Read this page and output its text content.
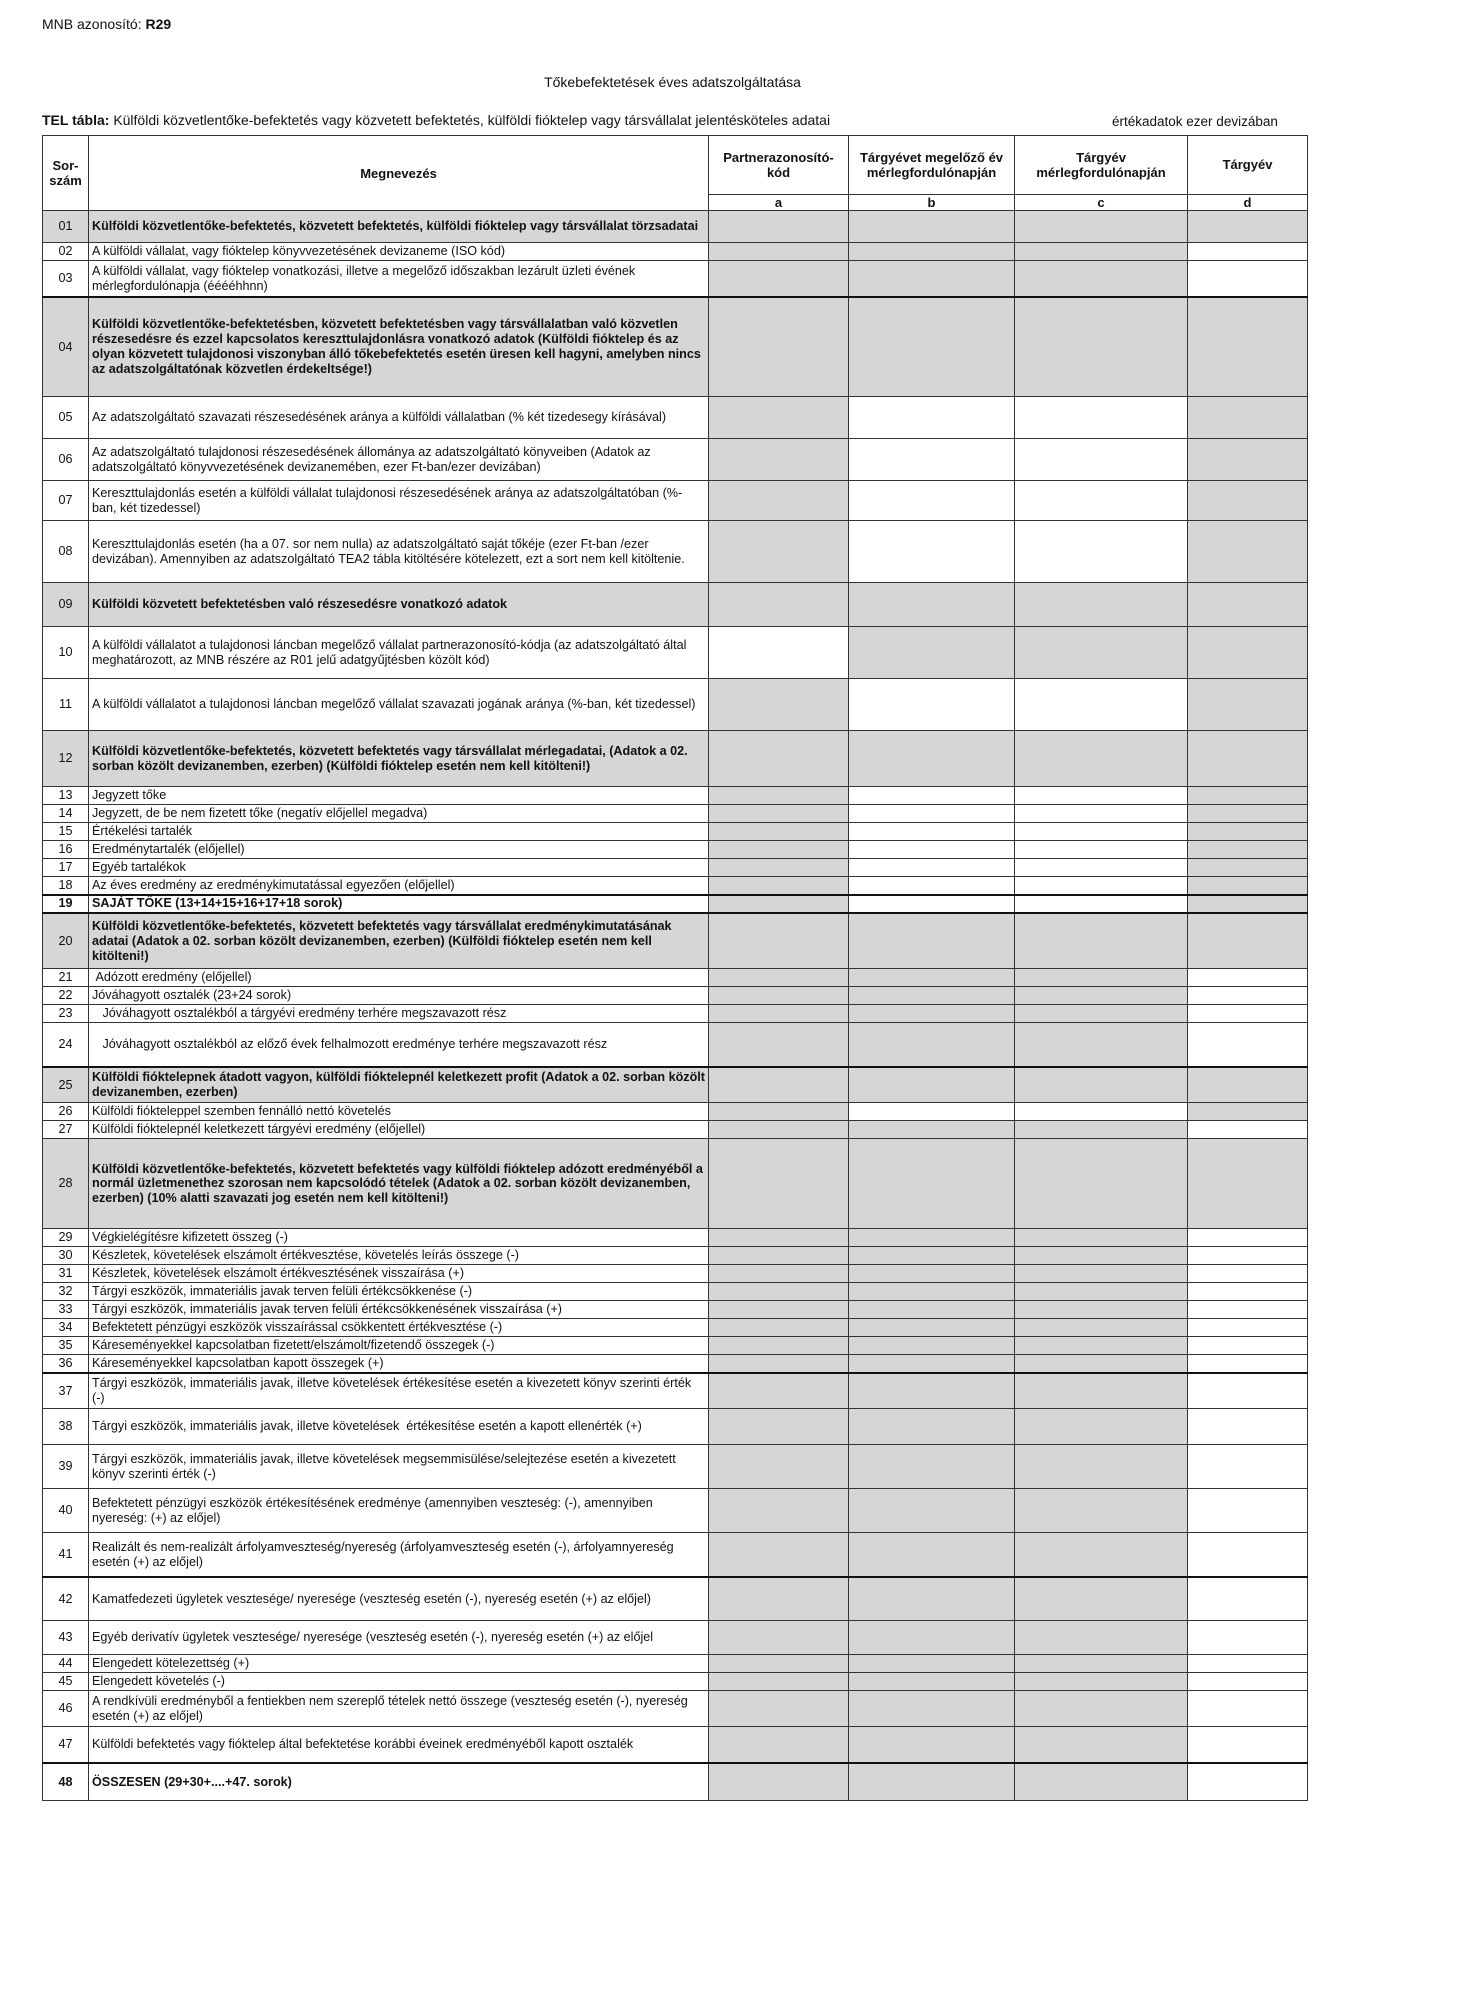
MNB azonosító: R29
Tőkebefektetések éves adatszolgáltatása
TEL tábla: Külföldi közvetlentőke-befektetés vagy közvetett befektetés, külföldi fióktelep vagy társvállalat jelentésköteles adatai	értékadatok ezer devizában
Sor-szám	Megnevezés	Partnerazonosító-kód	Tárgyévet megelőző év mérlegfordulónapján	Tárgyév mérlegfordulónapján	Tárgyév
		a	b	c	d
01	Külföldi közvetlentőke-befektetés, közvetett befektetés, külföldi fióktelep vagy társvállalat törzsadatai				
02	A külföldi vállalat, vagy fióktelep könyvvezetésének devizaneme (ISO kód)				
03	A külföldi vállalat, vagy fióktelep vonatkozási, illetve a megelőző időszakban lezárult üzleti évének mérlegfordulónapja (ééééhhnn)				
04	Külföldi közvetlentőke-befektetésben, közvetett befektetésben vagy társvállalatban való közvetlen részesedésre és ezzel kapcsolatos kereszttulajdonlásra vonatkozó adatok (Külföldi fióktelep és az olyan közvetett tulajdonosi viszonyban álló tőkebefektetés esetén üresen kell hagyni, amelyben nincs az adatszolgáltatónak közvetlen érdekeltsége!)				
05	Az adatszolgáltató szavazati részesedésének aránya a külföldi vállalatban (% két tizedesegy kírásával)				
06	Az adatszolgáltató tulajdonosi részesedésének állománya az adatszolgáltató könyveiben (Adatok az adatszolgáltató könyvvezetésének devizanemében, ezer Ft-ban/ezer devizában)				
07	Kereszttulajdonlás esetén a külföldi vállalat tulajdonosi részesedésének aránya az adatszolgáltatóban (%-ban, két tizedessel)				
08	Kereszttulajdonlás esetén (ha a 07. sor nem nulla) az adatszolgáltató saját tőkéje (ezer Ft-ban /ezer devizában). Amennyiben az adatszolgáltató TEA2 tábla kitöltésére kötelezett, ezt a sort nem kell kitöltenie.				
09	Külföldi közvetett befektetésben való részesedésre vonatkozó adatok				
10	A külföldi vállalatot a tulajdonosi láncban megelőző vállalat partnerazonosító-kódja (az adatszolgáltató által meghatározott, az MNB részére az R01 jelű adatgyűjtésben közölt kód)				
11	A külföldi vállalatot a tulajdonosi láncban megelőző vállalat szavazati jogának aránya (%-ban, két tizedessel)				
12	Külföldi közvetlentőke-befektetés, közvetett befektetés vagy társvállalat mérlegadatai, (Adatok a 02. sorban közölt devizanemben, ezerben) (Külföldi fióktelep esetén nem kell kitölteni!)				
13	Jegyzett tőke				
14	Jegyzett, de be nem fizetett tőke (negatív előjellel megadva)				
15	Értékelési tartalék				
16	Eredménytartalék (előjellel)				
17	Egyéb tartalékok				
18	Az éves eredmény az eredménykimutatással egyezően (előjellel)				
19	SAJÁT TŐKE (13+14+15+16+17+18 sorok)				
20	Külföldi közvetlentőke-befektetés, közvetett befektetés vagy társvállalat eredménykimutatásának adatai (Adatok a 02. sorban közölt devizanemben, ezerben) (Külföldi fióktelep esetén nem kell kitölteni!)				
21	Adózott eredmény (előjellel)				
22	Jóváhagyott osztalék (23+24 sorok)				
23	Jóváhagyott osztalékból a tárgyévi eredmény terhére megszavazott rész				
24	Jóváhagyott osztalékból az előző évek felhalmozott eredménye terhére megszavazott rész				
25	Külföldi fióktelepnek átadott vagyon, külföldi fióktelepnél keletkezett profit (Adatok a 02. sorban közölt devizanemben, ezerben)				
26	Külföldi fiókteleppel szemben fennálló nettó követelés				
27	Külföldi fióktelepnél keletkezett tárgyévi eredmény (előjellel)				
28	Külföldi közvetlentőke-befektetés, közvetett befektetés vagy külföldi fióktelep adózott eredményéből a normál üzletmenethez szorosan nem kapcsolódó tételek (Adatok a 02. sorban közölt devizanemben, ezerben) (10% alatti szavazati jog esetén nem kell kitölteni!)				
29	Végkielégítésre kifizetett összeg (-)				
30	Készletek, követelések elszámolt értékvesztése, követelés leírás összege (-)				
31	Készletek, követelések elszámolt értékvesztésének visszaírása (+)				
32	Tárgyi eszközök, immateriális javak terven felüli értékcsökkenése (-)				
33	Tárgyi eszközök, immateriális javak terven felüli értékcsökkenésének visszaírása (+)				
34	Befektetett pénzügyi eszközök visszaírással csökkentett értékvesztése (-)				
35	Káreseményekkel kapcsolatban fizetett/elszámolt/fizetendő összegek (-)				
36	Káreseményekkel kapcsolatban kapott összegek (+)				
37	Tárgyi eszközök, immateriális javak, illetve követelések értékesítése esetén a kivezetett könyv szerinti érték (-)				
38	Tárgyi eszközök, immateriális javak, illetve követelések  értékesítése esetén a kapott ellenérték (+)				
39	Tárgyi eszközök, immateriális javak, illetve követelések megsemmisülése/selejtezése esetén a kivezetett könyv szerinti érték (-)				
40	Befektetett pénzügyi eszközök értékesítésének eredménye (amennyiben veszteség: (-), amennyiben nyereség: (+) az előjel)				
41	Realizált és nem-realizált árfolyamveszteség/nyereség (árfolyamveszteség esetén (-), árfolyamnyereség esetén (+) az előjel)				
42	Kamatfedezeti ügyletek vesztesége/ nyeresége (veszteség esetén (-), nyereség esetén (+) az előjel)				
43	Egyéb derivatív ügyletek vesztesége/ nyeresége (veszteség esetén (-), nyereség esetén (+) az előjel				
44	Elengedett kötelezettség (+)				
45	Elengedett követelés (-)				
46	A rendkívüli eredményből a fentiekben nem szereplő tételek nettó összege (veszteség esetén (-), nyereség esetén (+) az előjel)				
47	Külföldi befektetés vagy fióktelep által befektetése korábbi éveinek eredményéből kapott osztalék				
48	ÖSSZESEN (29+30+....+47. sorok)				
